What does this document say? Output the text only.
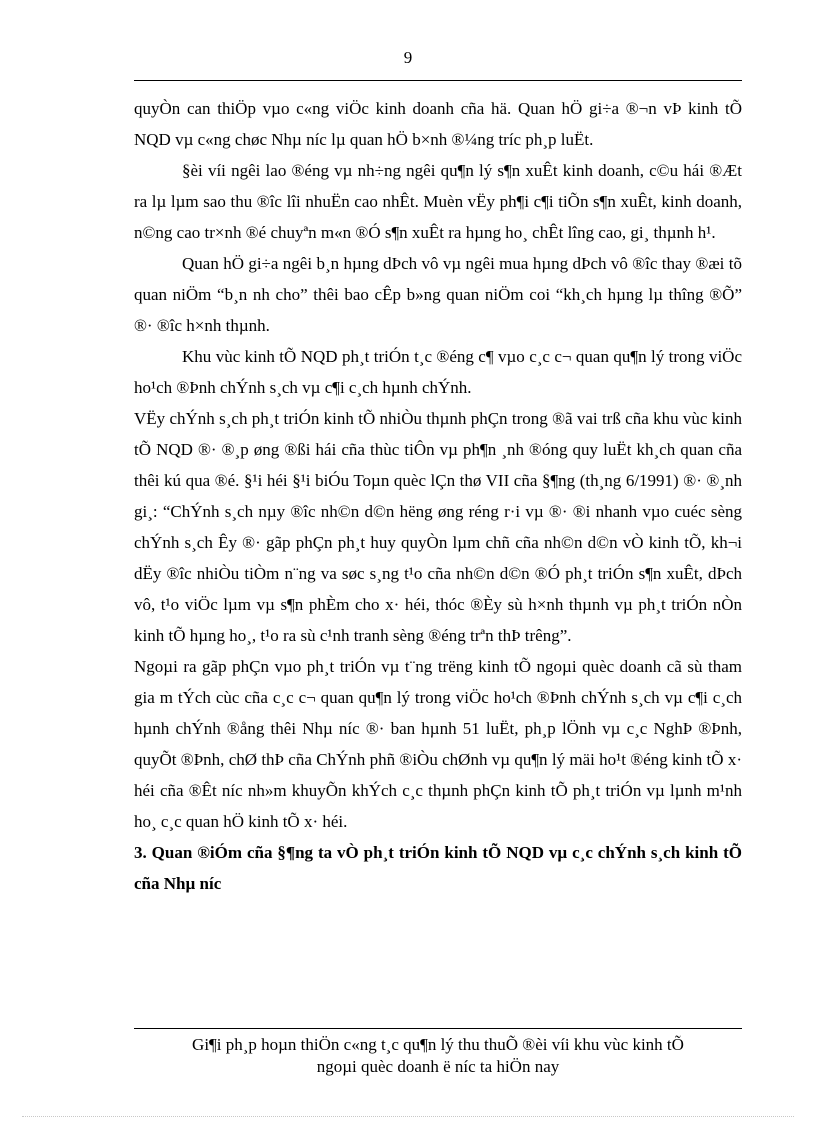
9

quyÒn can thiÖp vµo c«ng viÖc kinh doanh cña hä. Quan hÖ gi÷a ®¬n vÞ kinh tÕ NQD vµ c«ng chøc Nhµ níc lµ quan hÖ b×nh ®¼ng tríc ph¸p luËt.

§èi víi ngêi lao ®éng vµ nh÷ng ngêi qu¶n lý s¶n xuÊt kinh doanh, c©u hái ®Æt ra lµ lµm sao thu ®îc lîi nhuËn cao nhÊt. Muèn vËy ph¶i c¶i tiÕn s¶n xuÊt, kinh doanh, n©ng cao tr×nh ®é chuyªn m«n ®Ó s¶n xuÊt ra hµng ho¸ chÊt lîng cao, gi¸ thµnh h¹.

Quan hÖ gi÷a ngêi b¸n hµng dÞch vô vµ ngêi mua hµng dÞch vô ®îc thay ®æi tõ quan niÖm “b¸n nh cho” thêi bao cÊp b»ng quan niÖm coi “kh¸ch hµng lµ thîng ®Õ” ®· ®îc h×nh thµnh.

Khu vùc kinh tÕ NQD ph¸t triÓn t¸c ®éng c¶ vµo c¸c c¬ quan qu¶n lý trong viÖc ho¹ch ®Þnh chÝnh s¸ch vµ c¶i c¸ch hµnh chÝnh.

VËy chÝnh s¸ch ph¸t triÓn kinh tÕ nhiÒu thµnh phÇn trong ®ã vai trß cña khu vùc kinh tÕ NQD ®· ®¸p øng ®ßi hái cña thùc tiÔn vµ ph¶n ¸nh ®óng quy luËt kh¸ch quan cña thêi kú qua ®é. §¹i héi §¹i biÓu Toµn quèc lÇn thø VII cña §¶ng (th¸ng 6/1991) ®· ®¸nh gi¸: “ChÝnh s¸ch nµy ®îc nh©n d©n hëng øng réng r·i vµ ®· ®i nhanh vµo cuéc sèng chÝnh s¸ch Êy ®· gãp phÇn ph¸t huy quyÒn lµm chñ cña nh©n d©n vÒ kinh tÕ, kh¬i dËy ®îc nhiÒu tiÒm n¨ng va søc s¸ng t¹o cña nh©n d©n ®Ó ph¸t triÓn s¶n xuÊt, dÞch vô, t¹o viÖc lµm vµ s¶n phÈm cho x· héi, thóc ®Èy sù h×nh thµnh vµ ph¸t triÓn nÒn kinh tÕ hµng ho¸, t¹o ra sù c¹nh tranh sèng ®éng trªn thÞ trêng”.

Ngoµi ra gãp phÇn vµo ph¸t triÓn vµ t¨ng trëng kinh tÕ ngoµi quèc doanh cã sù tham gia m tÝch cùc cña c¸c c¬ quan qu¶n lý trong viÖc ho¹ch ®Þnh chÝnh s¸ch vµ c¶i c¸ch hµnh chÝnh ®ång thêi Nhµ níc ®· ban hµnh 51 luËt, ph¸p lÖnh vµ c¸c NghÞ ®Þnh, quyÕt ®Þnh, chØ thÞ cña ChÝnh phñ ®iÒu chØnh vµ qu¶n lý mäi ho¹t ®éng kinh tÕ x· héi cña ®Êt níc nh»m khuyÕn khÝch c¸c thµnh phÇn kinh tÕ ph¸t triÓn vµ lµnh m¹nh ho¸ c¸c quan hÖ kinh tÕ x· héi.

3. Quan ®iÓm cña §¶ng ta vÒ ph¸t triÓn kinh tÕ NQD vµ c¸c chÝnh s¸ch kinh tÕ cña Nhµ níc

Gi¶i ph¸p hoµn thiÖn c«ng t¸c qu¶n lý thu thuÕ ®èi víi khu vùc kinh tÕ
ngoµi quèc doanh ë níc ta hiÖn nay
